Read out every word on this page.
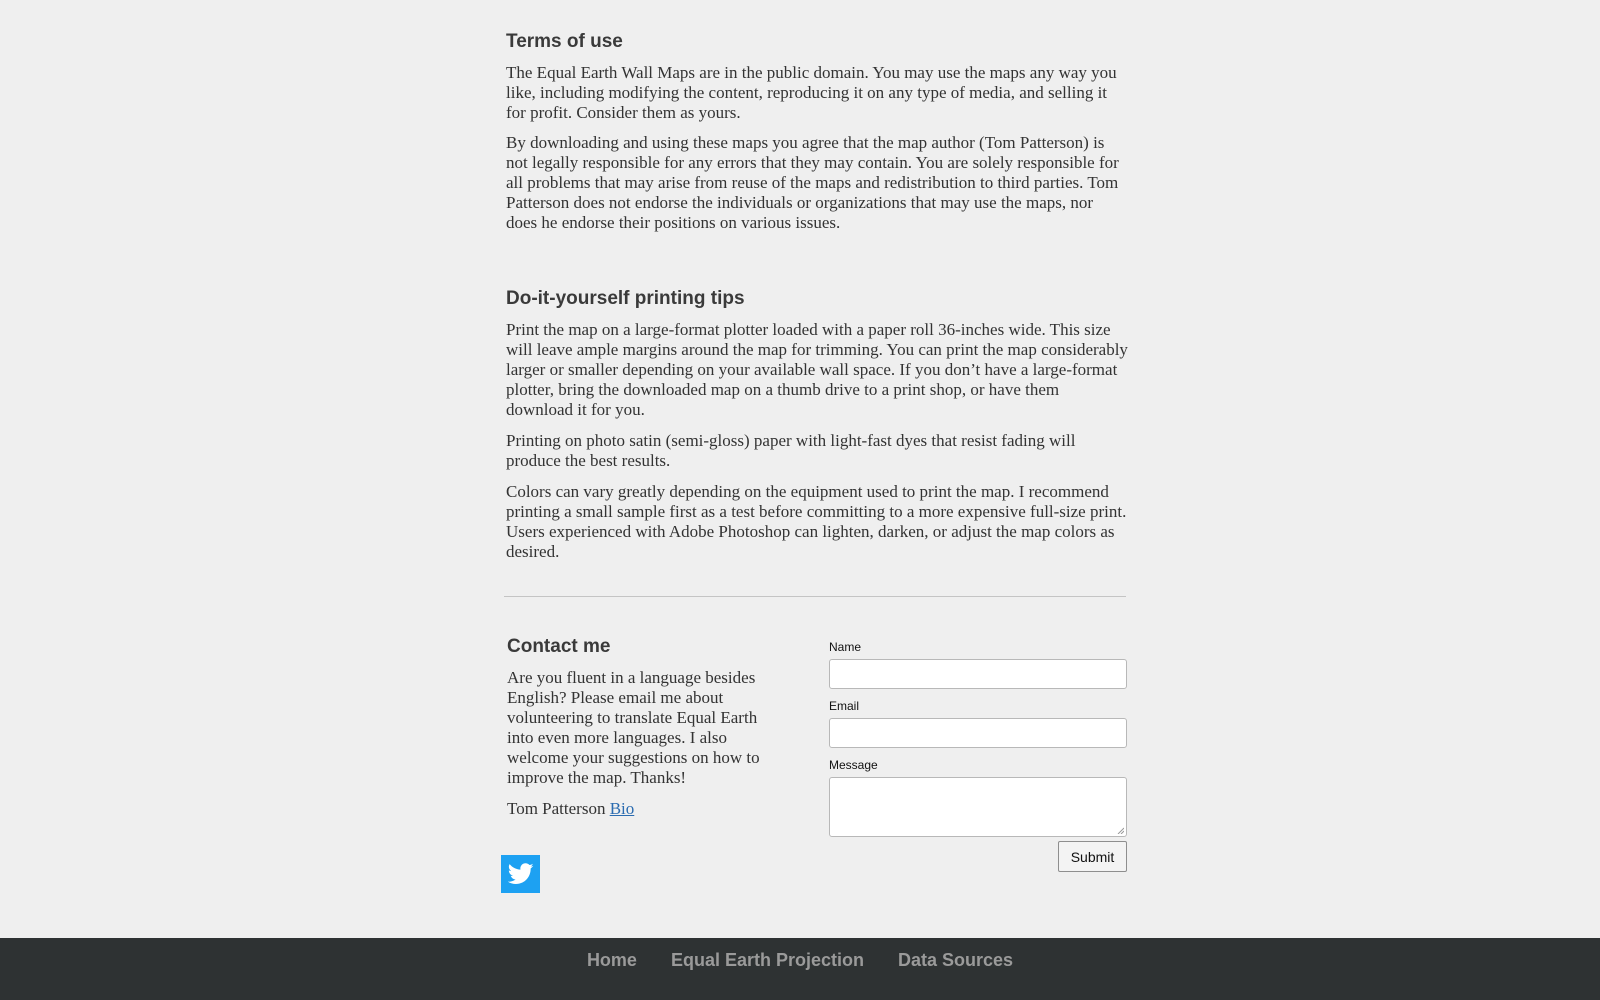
Terms of use

The Equal Earth Wall Maps are in the public domain. You may use the maps any way you like, including modifying the content, reproducing it on any type of media, and selling it for profit. Consider them as yours.

By downloading and using these maps you agree that the map author (Tom Patterson) is not legally responsible for any errors that they may contain. You are solely responsible for all problems that may arise from reuse of the maps and redistribution to third parties. Tom Patterson does not endorse the individuals or organizations that may use the maps, nor does he endorse their positions on various issues.

Do-it-yourself printing tips

Print the map on a large-format plotter loaded with a paper roll 36-inches wide. This size will leave ample margins around the map for trimming. You can print the map considerably larger or smaller depending on your available wall space. If you don’t have a large-format plotter, bring the downloaded map on a thumb drive to a print shop, or have them download it for you.

Printing on photo satin (semi-gloss) paper with light-fast dyes that resist fading will produce the best results.

Colors can vary greatly depending on the equipment used to print the map. I recommend printing a small sample first as a test before committing to a more expensive full-size print. Users experienced with Adobe Photoshop can lighten, darken, or adjust the map colors as desired.

Contact me

Are you fluent in a language besides English? Please email me about volunteering to translate Equal Earth into even more languages. I also welcome your suggestions on how to improve the map. Thanks!

Tom Patterson Bio

Name
Email
Message
Submit
Home Equal Earth Projection Data Sources
